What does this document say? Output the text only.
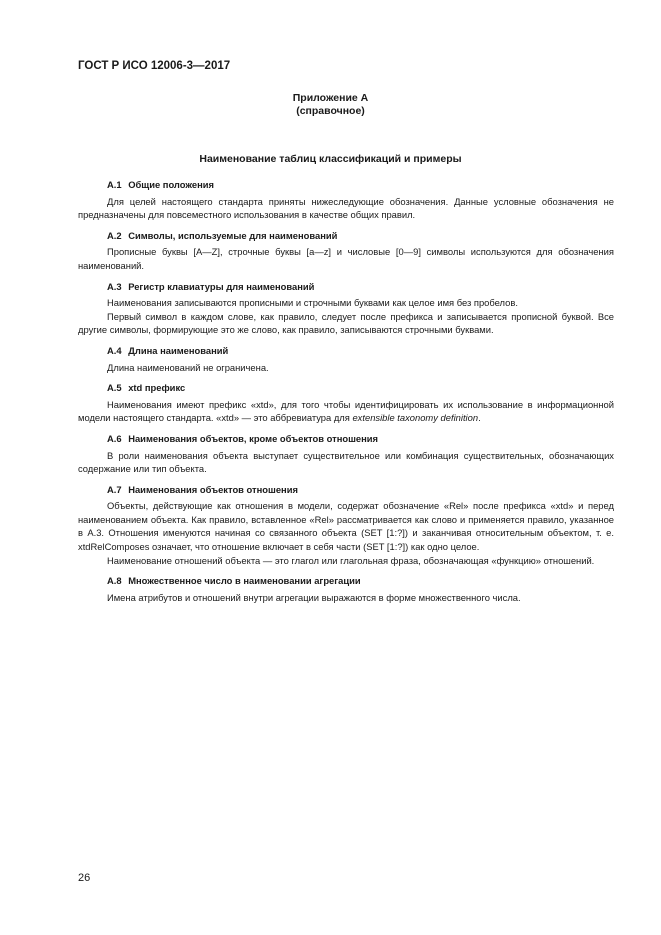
ГОСТ Р ИСО 12006-3—2017
Приложение А
(справочное)
Наименование таблиц классификаций и примеры
А.1 Общие положения

Для целей настоящего стандарта приняты нижеследующие обозначения. Данные условные обозначения не предназначены для повсеместного использования в качестве общих правил.

А.2 Символы, используемые для наименований

Прописные буквы [A—Z], строчные буквы [a—z] и числовые [0—9] символы используются для обозначения наименований.

А.3 Регистр клавиатуры для наименований

Наименования записываются прописными и строчными буквами как целое имя без пробелов.

Первый символ в каждом слове, как правило, следует после префикса и записывается прописной буквой. Все другие символы, формирующие это же слово, как правило, записываются строчными буквами.

А.4 Длина наименований

Длина наименований не ограничена.

А.5 xtd префикс

Наименования имеют префикс «xtd», для того чтобы идентифицировать их использование в информационной модели настоящего стандарта. «xtd» — это аббревиатура для extensible taxonomy definition.

А.6 Наименования объектов, кроме объектов отношения

В роли наименования объекта выступает существительное или комбинация существительных, обозначающих содержание или тип объекта.

А.7 Наименования объектов отношения

Объекты, действующие как отношения в модели, содержат обозначение «Rel» после префикса «xtd» и перед наименованием объекта. Как правило, вставленное «Rel» рассматривается как слово и применяется правило, указанное в А.3. Отношения именуются начиная со связанного объекта (SET [1:?]) и заканчивая относительным объектом, т. е. xtdRelComposes означает, что отношение включает в себя части (SET [1:?]) как одно целое.

Наименование отношений объекта — это глагол или глагольная фраза, обозначающая «функцию» отношений.

А.8 Множественное число в наименовании агрегации

Имена атрибутов и отношений внутри агрегации выражаются в форме множественного числа.

26
